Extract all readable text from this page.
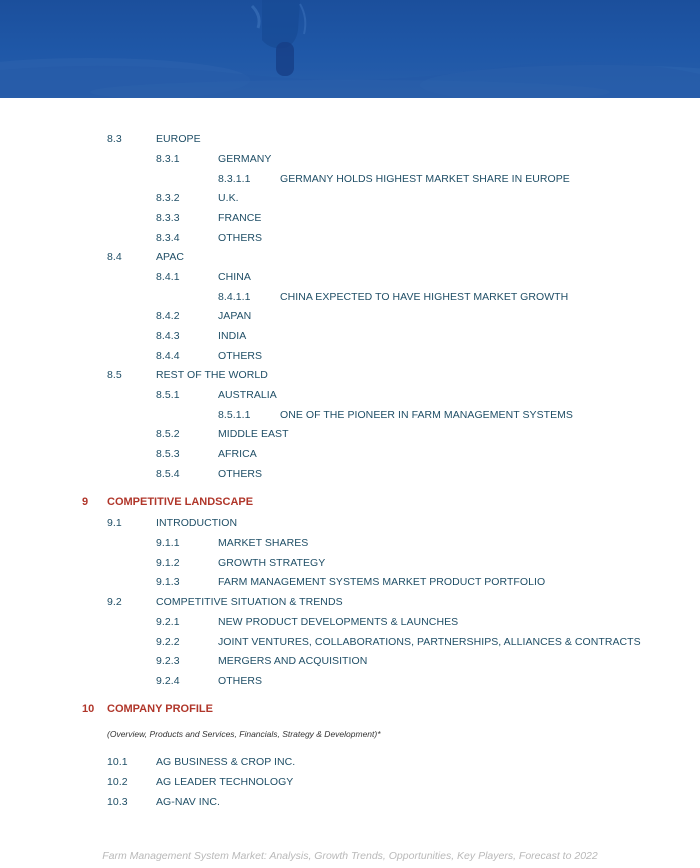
8.3	EUROPE
8.3.1	GERMANY
8.3.1.1	GERMANY HOLDS HIGHEST MARKET SHARE IN EUROPE
8.3.2	U.K.
8.3.3	FRANCE
8.3.4	OTHERS
8.4	APAC
8.4.1	CHINA
8.4.1.1	CHINA EXPECTED TO HAVE HIGHEST MARKET GROWTH
8.4.2	JAPAN
8.4.3	INDIA
8.4.4	OTHERS
8.5	REST OF THE WORLD
8.5.1	AUSTRALIA
8.5.1.1	ONE OF THE PIONEER IN FARM MANAGEMENT SYSTEMS
8.5.2	MIDDLE EAST
8.5.3	AFRICA
8.5.4	OTHERS
9 COMPETITIVE LANDSCAPE
9.1	INTRODUCTION
9.1.1	MARKET SHARES
9.1.2	GROWTH STRATEGY
9.1.3	FARM MANAGEMENT SYSTEMS MARKET PRODUCT PORTFOLIO
9.2	COMPETITIVE SITUATION & TRENDS
9.2.1	NEW PRODUCT DEVELOPMENTS & LAUNCHES
9.2.2	JOINT VENTURES, COLLABORATIONS, PARTNERSHIPS, ALLIANCES & CONTRACTS
9.2.3	MERGERS AND ACQUISITION
9.2.4	OTHERS
10 COMPANY PROFILE
(Overview, Products and Services, Financials, Strategy & Development)*
10.1	AG BUSINESS & CROP INC.
10.2	AG LEADER TECHNOLOGY
10.3	AG-NAV INC.
Farm Management System Market: Analysis, Growth Trends, Opportunities, Key Players, Forecast to 2022
